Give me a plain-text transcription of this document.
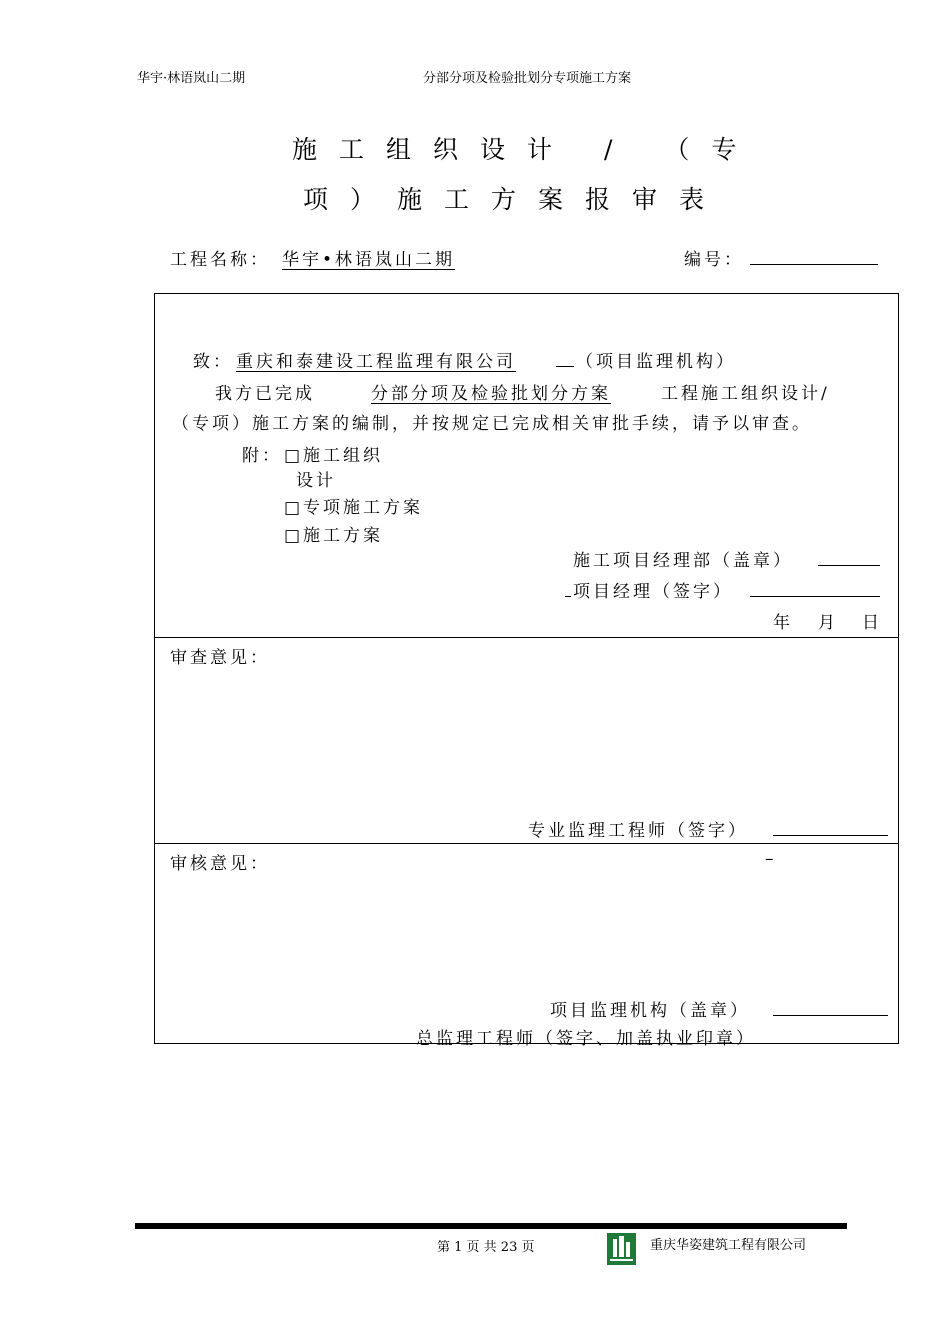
华宇·林语岚山二期	分部分项及检验批划分专项施工方案
施工组织设计 / （专
项）施工方案报审表
工程名称： 华宇•林语岚山二期	编号：
致： 重庆和泰建设工程监理有限公司	（项目监理机构）
我方已完成	分部分项及检验批划分方案	工程施工组织设计/
（专项）施工方案的编制，并按规定已完成相关审批手续，请予以审查。
附： □施工组织
设计
□专项施工方案
□施工方案
施工项目经理部（盖章）
项目经理（签字）
年 月 日
审查意见：
专业监理工程师（签字）
审核意见：	–
项目监理机构（盖章）
总监理工程师（签字、加盖执业印章）
第 1 页 共 23 页	重庆华姿建筑工程有限公司
